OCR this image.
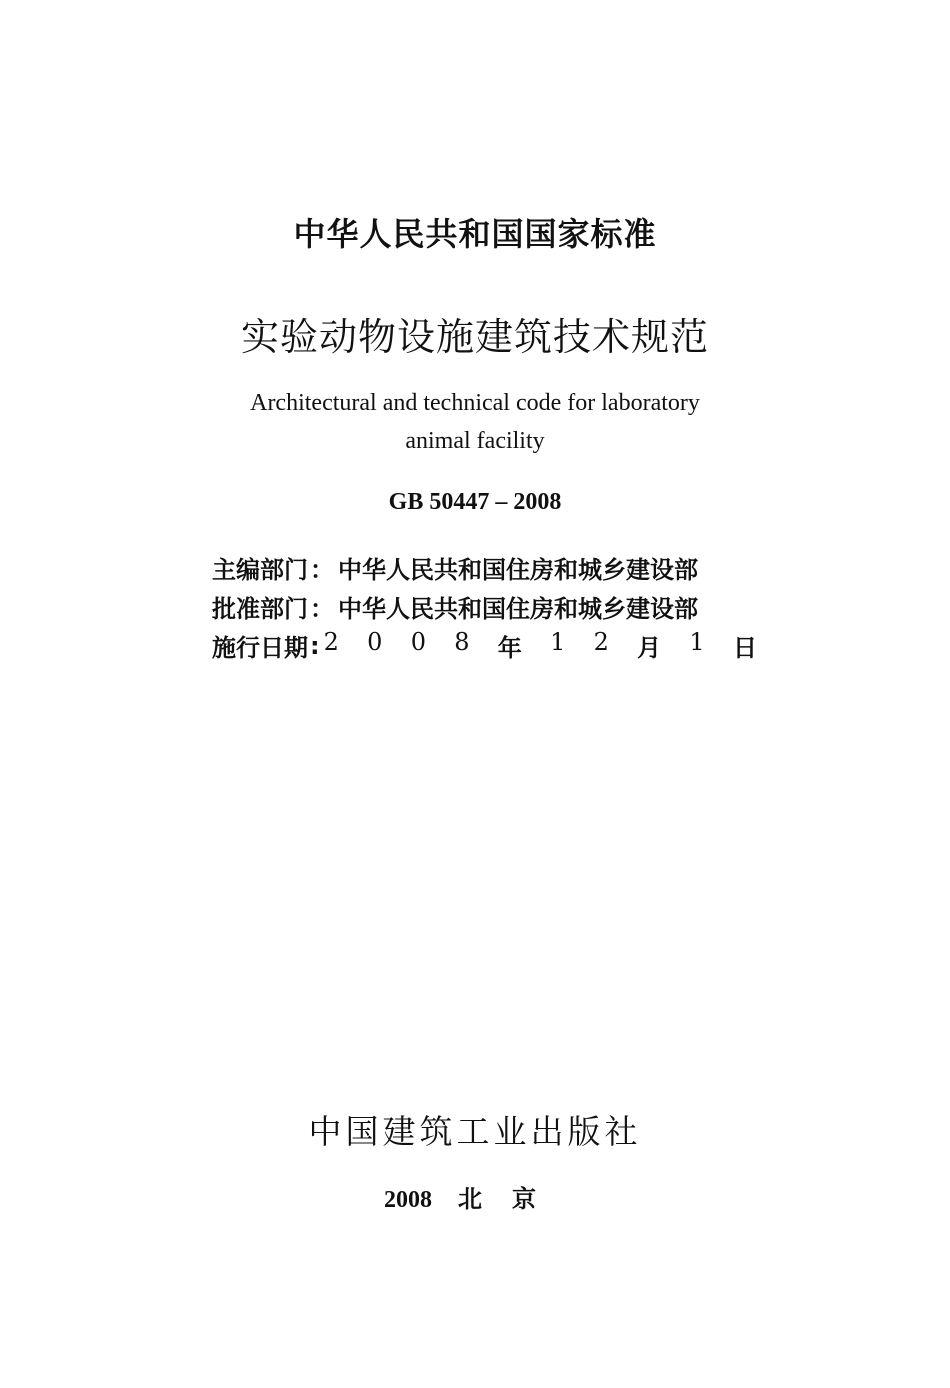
中华人民共和国国家标准
实验动物设施建筑技术规范
Architectural and technical code for laboratory
animal facility
GB 50447 – 2008
主编部门 ： 中华人民共和国住房和城乡建设部
批准部门 ： 中华人民共和国住房和城乡建设部
施行日期 : 2 0 0 8 年 1 2 月 1 日
中国建筑工业出版社
2008 北京
